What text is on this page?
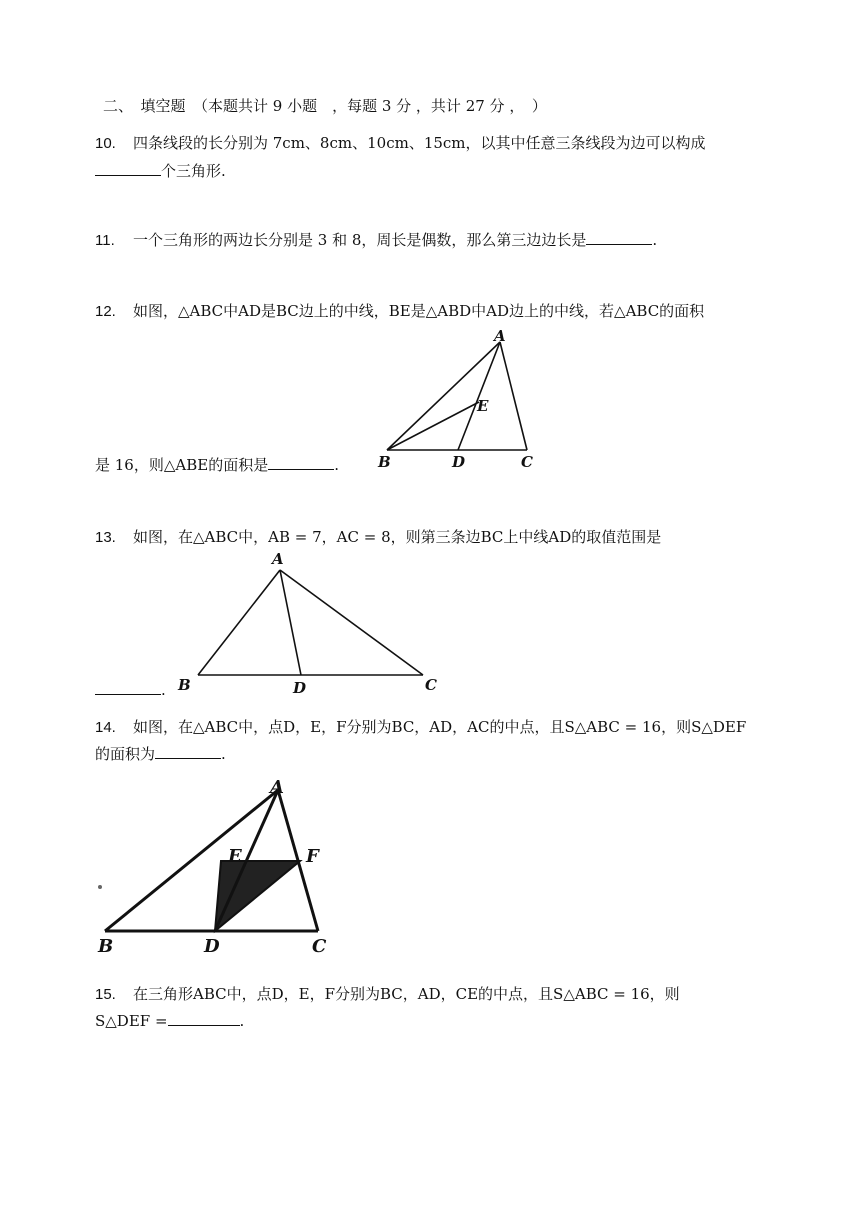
二、　填空题　（本题共计 9 小题　，每题 3 分 ，共计 27 分 ，　）
10. 四条线段的长分别为 7cm、8cm、10cm、15cm，以其中任意三条线段为边可以构成
个三角形.
11. 一个三角形的两边长分别是 3 和 8，周长是偶数，那么第三边边长是	.
12. 如图，△ABC中AD是BC边上的中线，BE是△ABD中AD边上的中线，若△ABC的面积
A
E
B	D	C
是 16，则△ABE的面积是	.
13. 如图，在△ABC中，AB = 7，AC = 8，则第三条边BC上中线AD的取值范围是
A
B	D	C
.
14. 如图，在△ABC中，点D，E，F分别为BC，AD，AC的中点，且S△ABC = 16，则S△DEF
的面积为	.
A
E	F
B	D	C
15. 在三角形ABC中，点D，E，F分别为BC，AD，CE的中点，且S△ABC = 16，则
S△DEF =	.
